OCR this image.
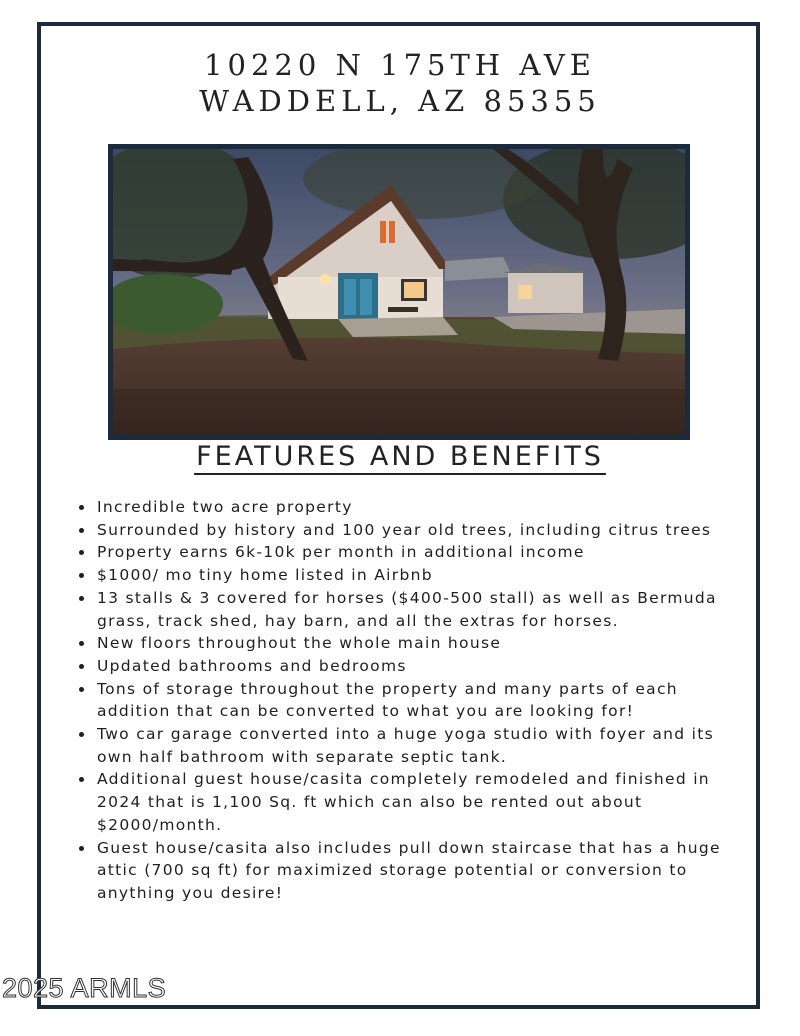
10220 N 175TH AVE
WADDELL, AZ 85355
FEATURES AND BENEFITS
Incredible two acre property
Surrounded by history and 100 year old trees, including citrus trees
Property earns 6k-10k per month in additional income
$1000/ mo tiny home listed in Airbnb
13 stalls & 3 covered for horses ($400-500 stall) as well as Bermuda grass, track shed, hay barn, and all the extras for horses.
New floors throughout the whole main house
Updated bathrooms and bedrooms
Tons of storage throughout the property and many parts of each addition that can be converted to what you are looking for!
Two car garage converted into a huge yoga studio with foyer and its own half bathroom with separate septic tank.
Additional guest house/casita completely remodeled and finished in 2024 that is 1,100 Sq. ft which can also be rented out about $2000/month.
Guest house/casita also includes pull down staircase that has a huge attic (700 sq ft) for maximized storage potential or conversion to anything you desire!
2025 ARMLS
